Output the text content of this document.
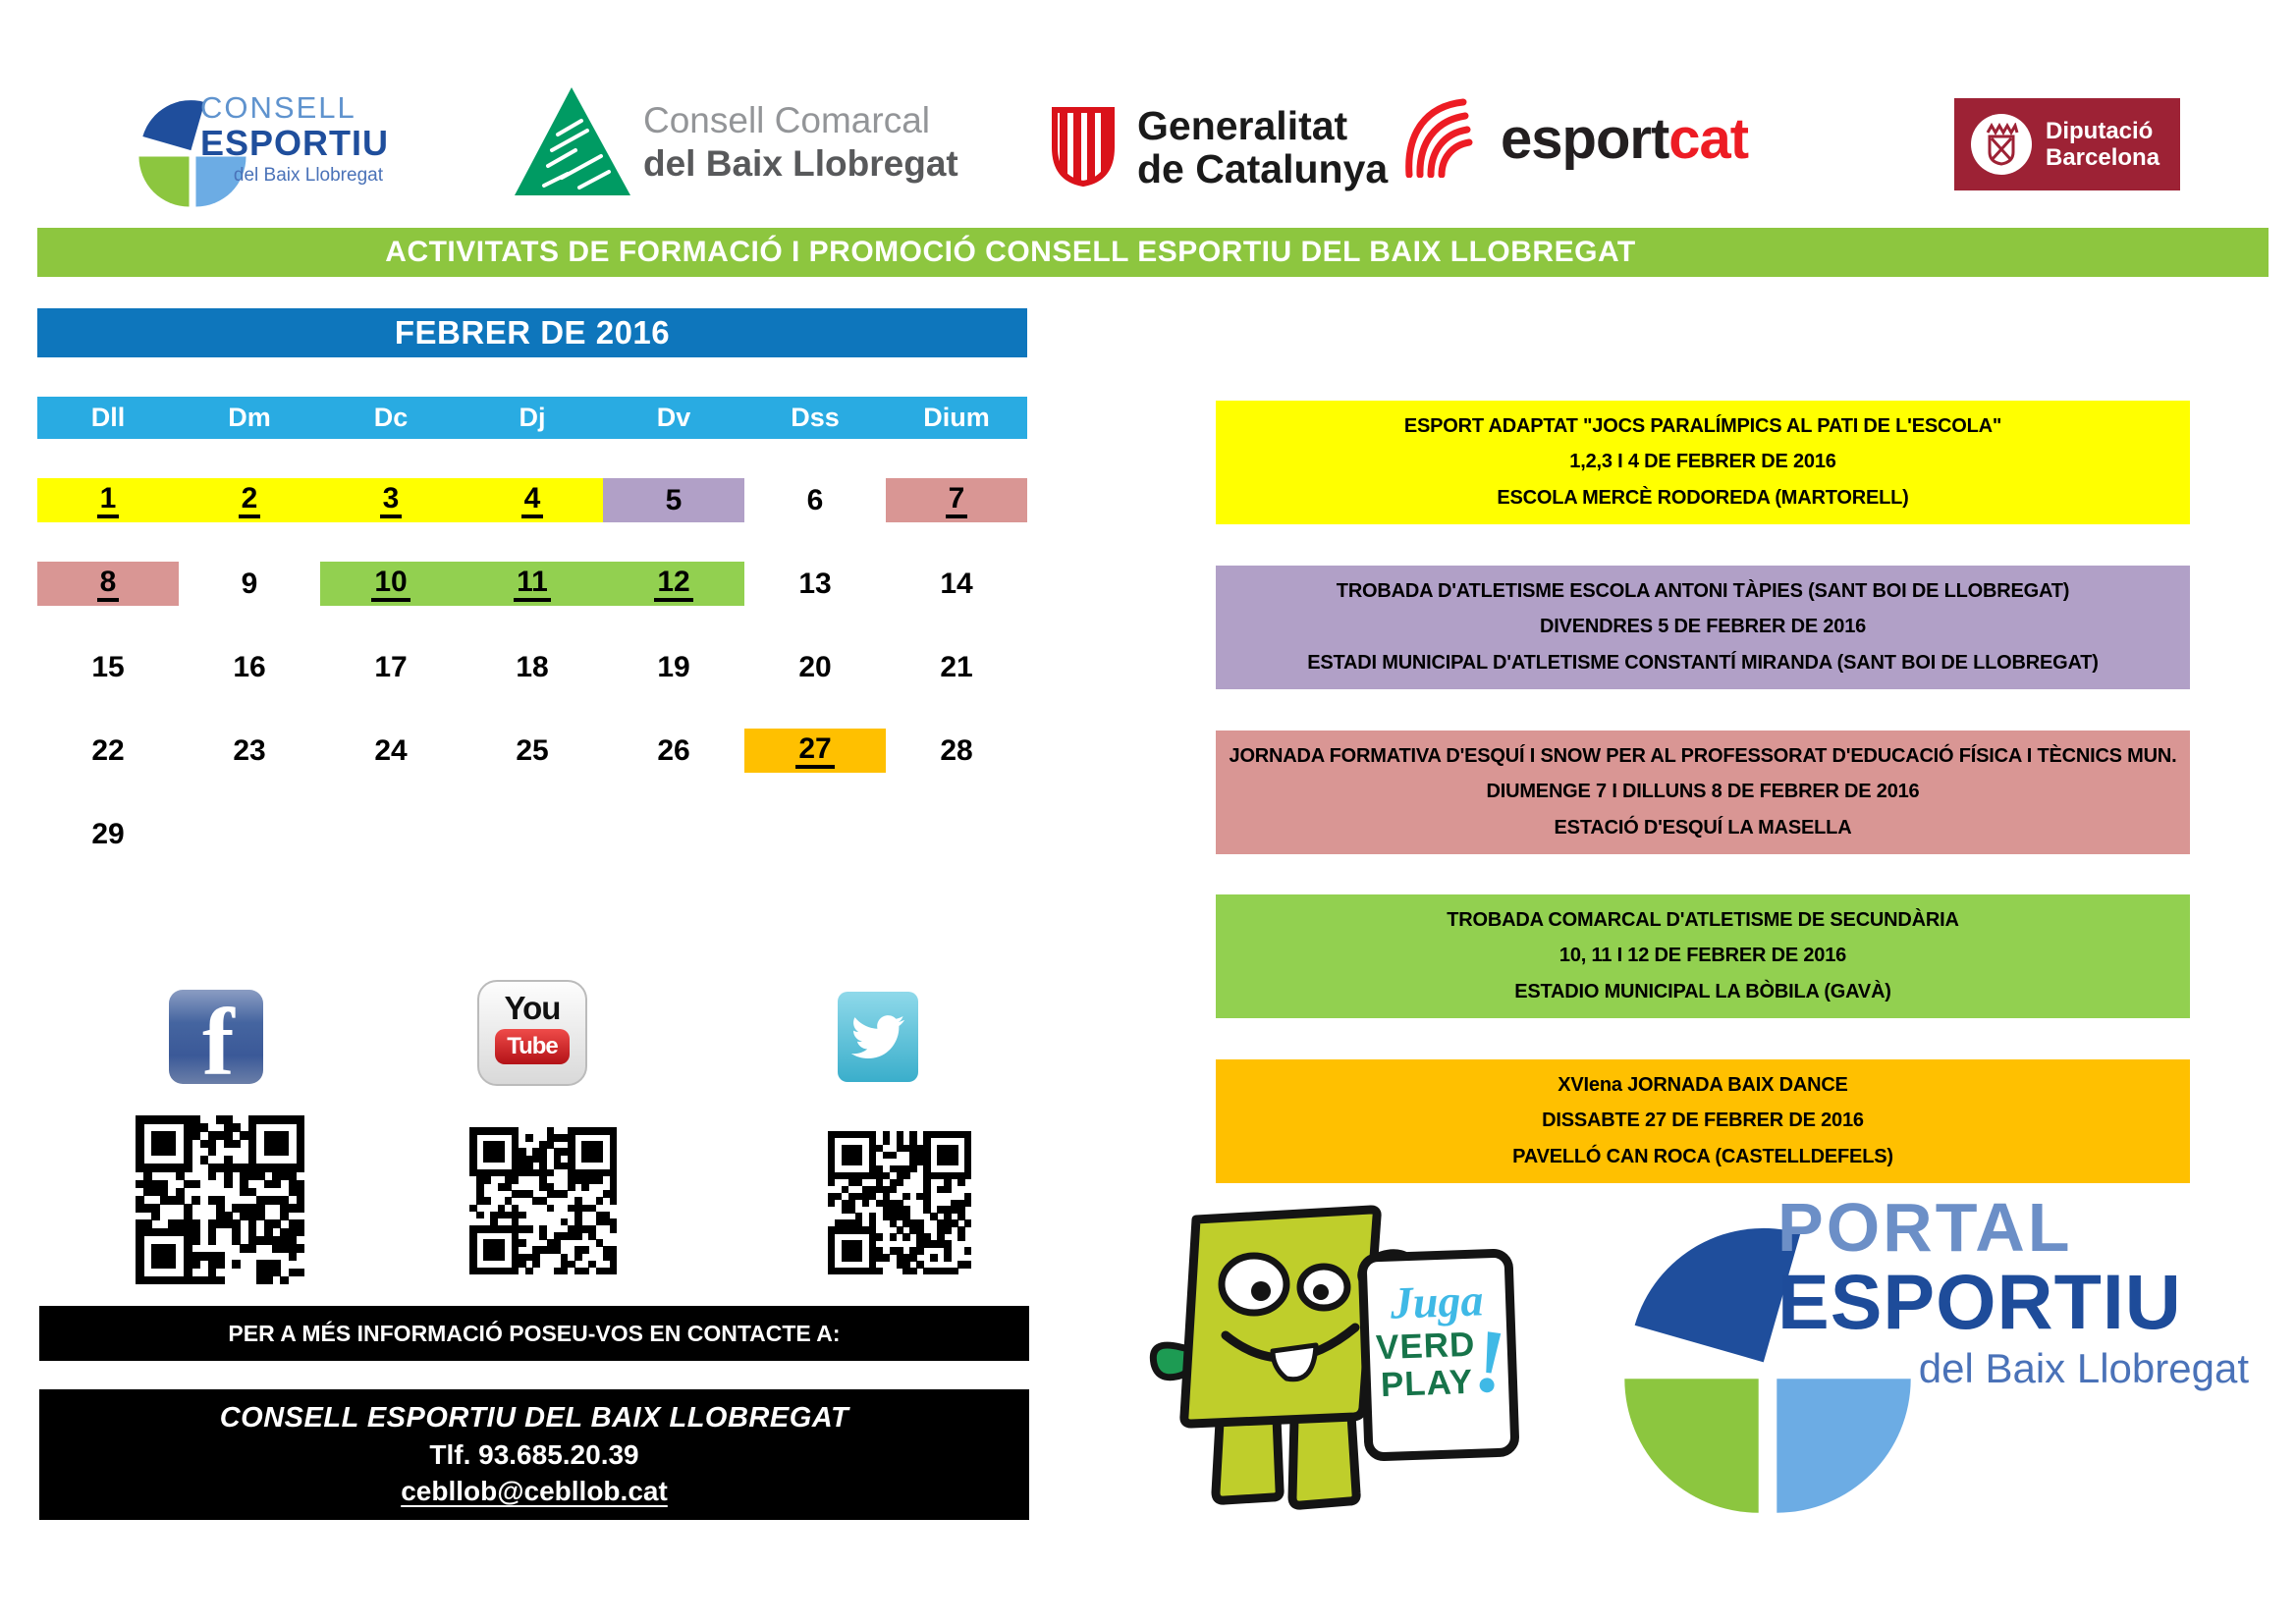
CONSELL
ESPORTIU
del Baix Llobregat
Consell Comarcal
del Baix Llobregat
Generalitat
de Catalunya esportcat	Diputació
Barcelona
ACTIVITATS DE FORMACIÓ I PROMOCIÓ CONSELL ESPORTIU DEL BAIX LLOBREGAT
FEBRER DE 2016
Dll	Dm	Dc	Dj	Dv	Dss	Dium
1	2	3	4	5	6	7
8	9	10	11	12	13	14
15	16	17	18	19	20	21
22	23	24	25	26	27	28
29
ESPORT ADAPTAT "JOCS PARALÍMPICS AL PATI DE L'ESCOLA"
1,2,3 I 4 DE FEBRER DE 2016
ESCOLA MERCÈ RODOREDA (MARTORELL)
TROBADA D'ATLETISME ESCOLA ANTONI TÀPIES (SANT BOI DE LLOBREGAT)
DIVENDRES 5 DE FEBRER DE 2016
ESTADI MUNICIPAL D'ATLETISME CONSTANTÍ MIRANDA (SANT BOI DE LLOBREGAT)
JORNADA FORMATIVA D'ESQUÍ I SNOW PER AL PROFESSORAT D'EDUCACIÓ FÍSICA I TÈCNICS MUN.
DIUMENGE 7 I DILLUNS 8 DE FEBRER DE 2016
ESTACIÓ D'ESQUÍ LA MASELLA
TROBADA COMARCAL D'ATLETISME DE SECUNDÀRIA
10, 11 I 12 DE FEBRER DE 2016
ESTADIO MUNICIPAL LA BÒBILA (GAVÀ)
XVIena JORNADA BAIX DANCE
DISSABTE 27 DE FEBRER DE 2016
PAVELLÓ CAN ROCA (CASTELLDEFELS)
f	You
Tube
PER A MÉS INFORMACIÓ POSEU-VOS EN CONTACTE A:
CONSELL ESPORTIU DEL BAIX LLOBREGAT
Tlf. 93.685.20.39
cebllob@cebllob.cat
Juga
VERD
PLAY
!
PORTAL
ESPORTIU
del Baix Llobregat
